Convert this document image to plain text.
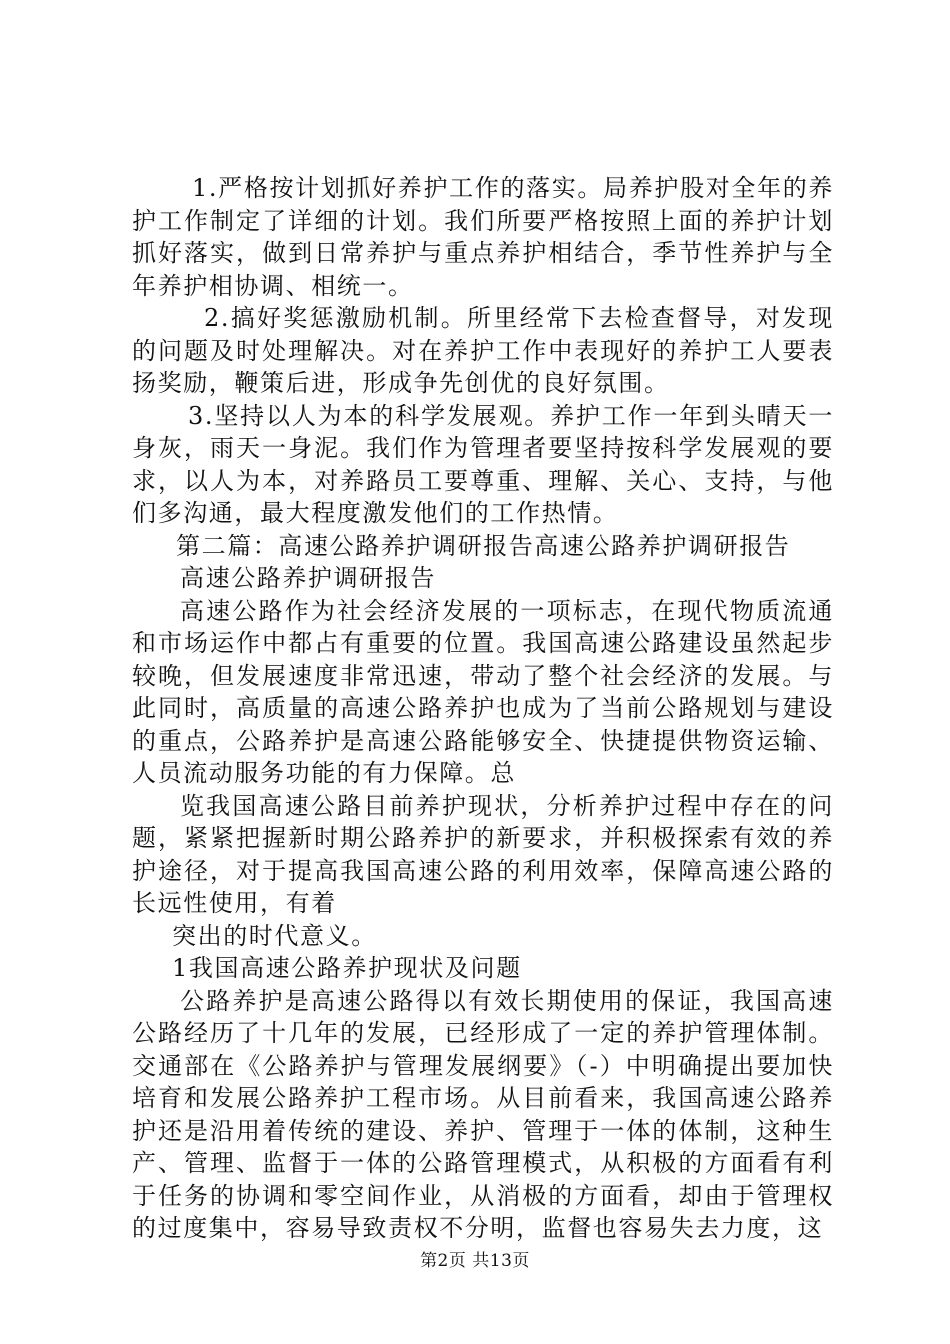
1.严格按计划抓好养护工作的落实。局养护股对全年的养护工作制定了详细的计划。我们所要严格按照上面的养护计划抓好落实，做到日常养护与重点养护相结合，季节性养护与全年养护相协调、相统一。

2.搞好奖惩激励机制。所里经常下去检查督导，对发现的问题及时处理解决。对在养护工作中表现好的养护工人要表扬奖励，鞭策后进，形成争先创优的良好氛围。

3.坚持以人为本的科学发展观。养护工作一年到头晴天一身灰，雨天一身泥。我们作为管理者要坚持按科学发展观的要求，以人为本，对养路员工要尊重、理解、关心、支持，与他们多沟通，最大程度激发他们的工作热情。

第二篇：高速公路养护调研报告高速公路养护调研报告

高速公路养护调研报告

高速公路作为社会经济发展的一项标志，在现代物质流通和市场运作中都占有重要的位置。我国高速公路建设虽然起步较晚，但发展速度非常迅速，带动了整个社会经济的发展。与此同时，高质量的高速公路养护也成为了当前公路规划与建设的重点，公路养护是高速公路能够安全、快捷提供物资运输、人员流动服务功能的有力保障。总

览我国高速公路目前养护现状，分析养护过程中存在的问题，紧紧把握新时期公路养护的新要求，并积极探索有效的养护途径，对于提高我国高速公路的利用效率，保障高速公路的长远性使用，有着

突出的时代意义。

1我国高速公路养护现状及问题

公路养护是高速公路得以有效长期使用的保证，我国高速公路经历了十几年的发展，已经形成了一定的养护管理体制。交通部在《公路养护与管理发展纲要》（-）中明确提出要加快培育和发展公路养护工程市场。从目前看来，我国高速公路养护还是沿用着传统的建设、养护、管理于一体的体制，这种生产、管理、监督于一体的公路管理模式，从积极的方面看有利于任务的协调和零空间作业，从消极的方面看，却由于管理权的过度集中，容易导致责权不分明，监督也容易失去力度，这

第2页 共13页
